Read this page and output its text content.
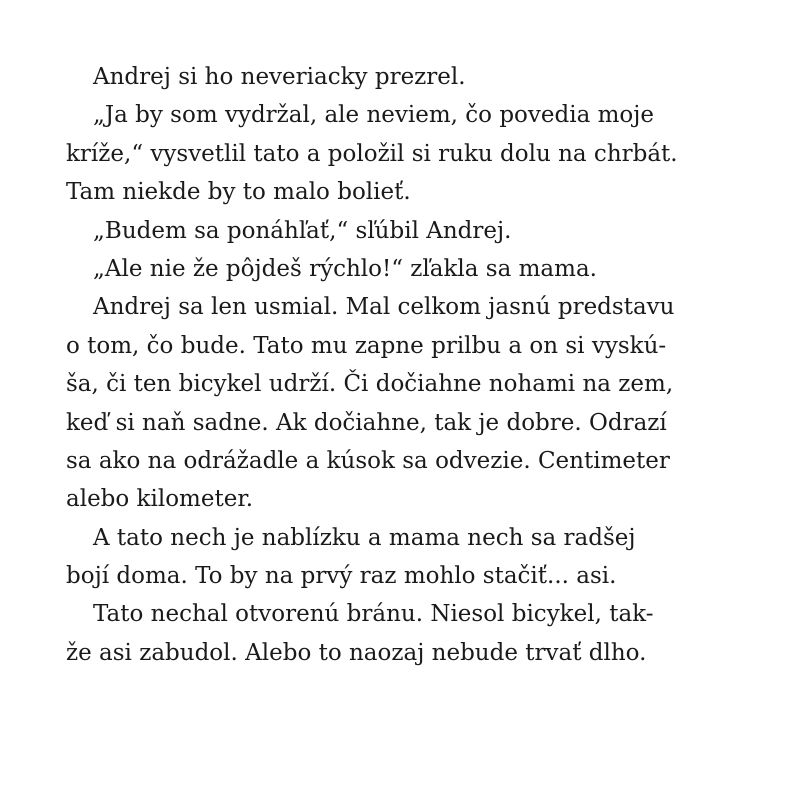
Andrej si ho neveriacky prezrel.
„Ja by som vydržal, ale neviem, čo povedia moje
kríže,“ vysvetlil tato a položil si ruku dolu na chrbát.
Tam niekde by to malo bolieť.
„Budem sa ponáhľať,“ sľúbil Andrej.
„Ale nie že pôjdeš rýchlo!“ zľakla sa mama.
Andrej sa len usmial. Mal celkom jasnú predstavu
o tom, čo bude. Tato mu zapne prilbu a on si vyskú-
ša, či ten bicykel udrží. Či dočiahne nohami na zem,
keď si naň sadne. Ak dočiahne, tak je dobre. Odrazí
sa ako na odrážadle a kúsok sa odvezie. Centimeter
alebo kilometer.
A tato nech je nablízku a mama nech sa radšej
bojí doma. To by na prvý raz mohlo stačiť... asi.
Tato nechal otvorenú bránu. Niesol bicykel, tak-
že asi zabudol. Alebo to naozaj nebude trvať dlho.
